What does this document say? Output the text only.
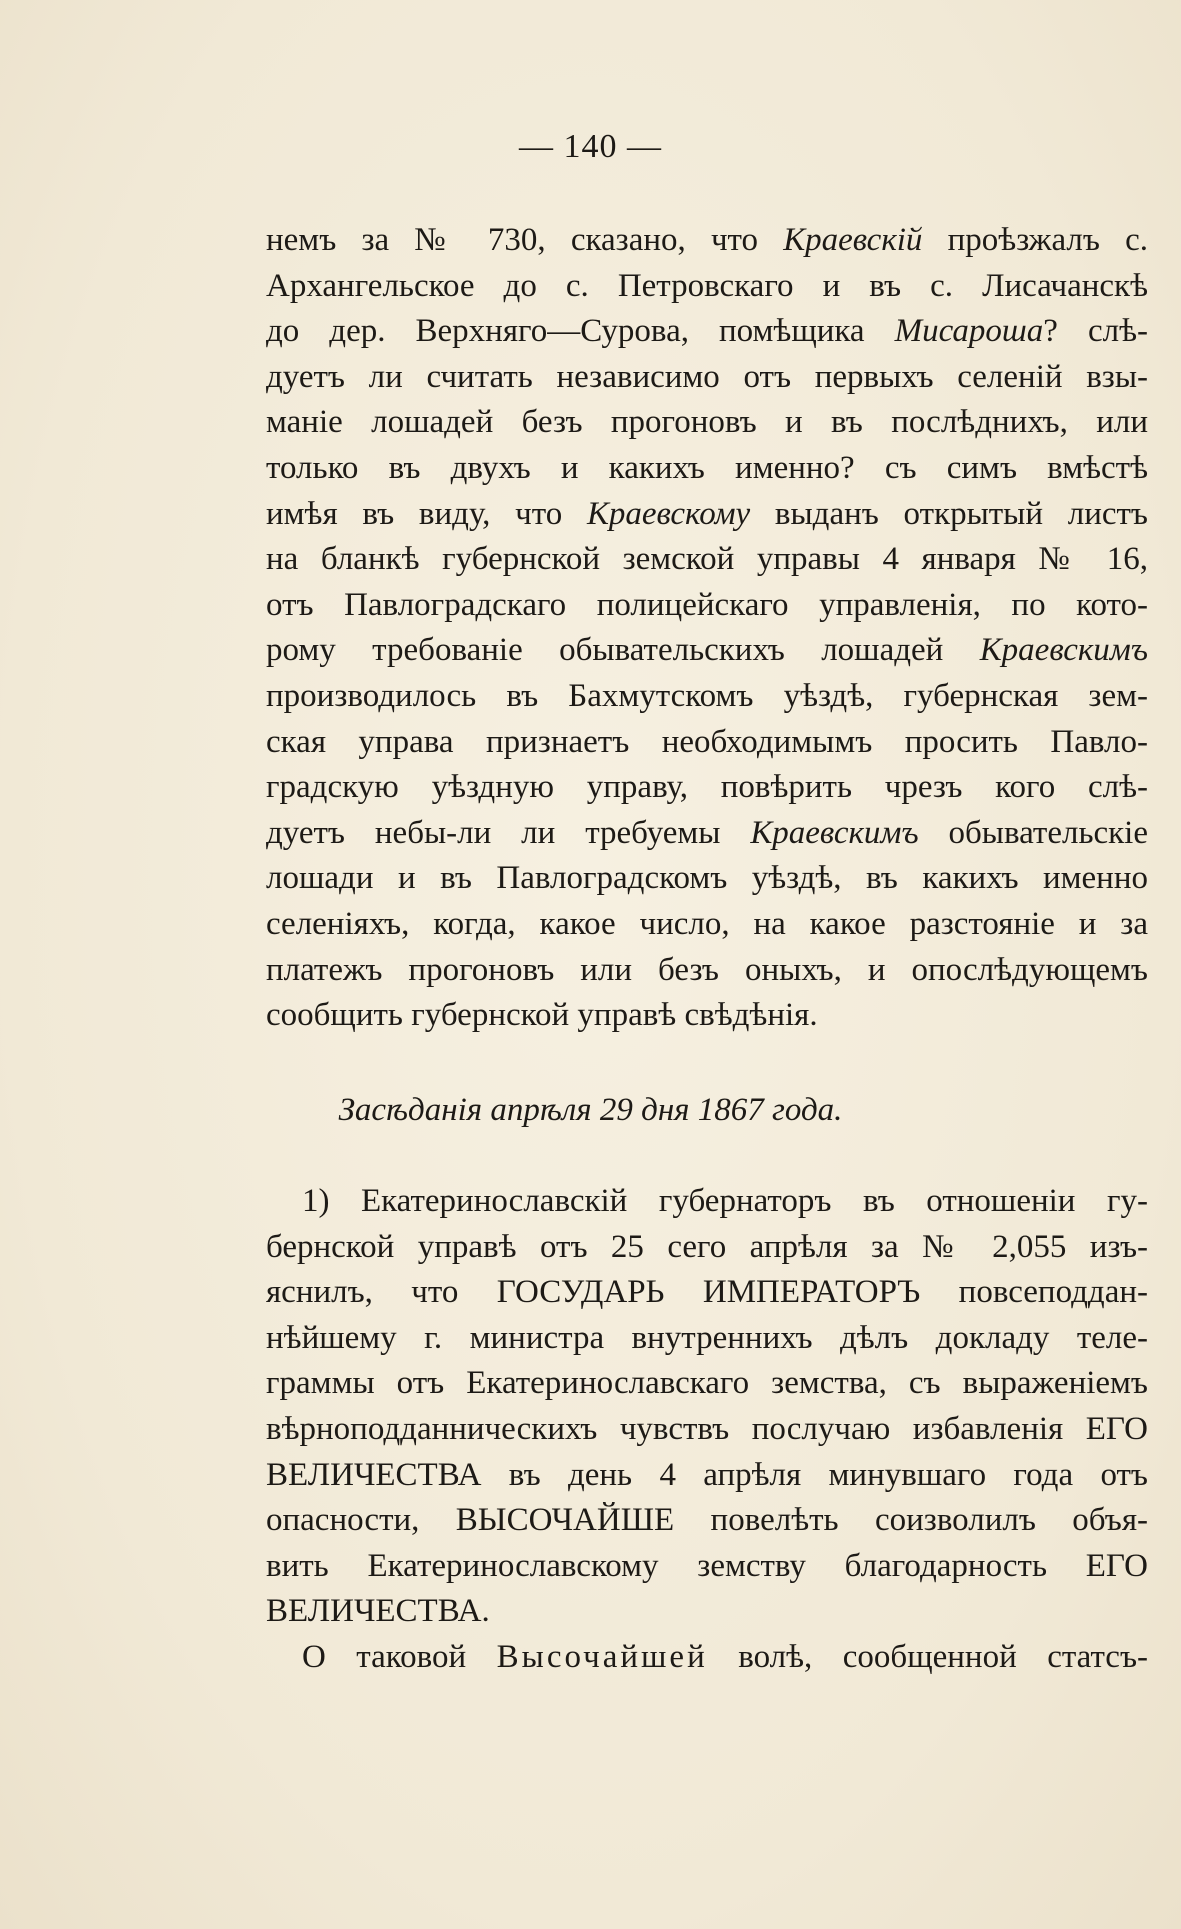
— 140 —
немъ за № 730, сказано, что Краевскій проѣзжалъ с.
Архангельское до с. Петровскаго и въ с. Лисачанскѣ
до дер. Верхняго—Сурова, помѣщика Мисароша? слѣ-
дуетъ ли считать независимо отъ первыхъ селеній взы-
маніе лошадей безъ прогоновъ и въ послѣднихъ, или
только въ двухъ и какихъ именно? съ симъ вмѣстѣ
имѣя въ виду, что Краевскому выданъ открытый листъ
на бланкѣ губернской земской управы 4 января № 16,
отъ Павлоградскаго полицейскаго управленія, по кото-
рому требованіе обывательскихъ лошадей Краевскимъ
производилось въ Бахмутскомъ уѣздѣ, губернская зем-
ская управа признаетъ необходимымъ просить Павло-
градскую уѣздную управу, повѣрить чрезъ кого слѣ-
дуетъ небы-ли ли требуемы Краевскимъ обывательскіе
лошади и въ Павлоградскомъ уѣздѣ, въ какихъ именно
селеніяхъ, когда, какое число, на какое разстояніе и за
платежъ прогоновъ или безъ оныхъ, и опослѣдующемъ
сообщить губернской управѣ свѣдѣнія.
Засѣданія апрѣля 29 дня 1867 года.
1) Екатеринославскій губернаторъ въ отношеніи гу-
бернской управѣ отъ 25 сего апрѣля за № 2,055 изъ-
яснилъ, что ГОСУДАРЬ ИМПЕРАТОРЪ повсеподдан-
нѣйшему г. министра внутреннихъ дѣлъ докладу теле-
граммы отъ Екатеринославскаго земства, съ выраженіемъ
вѣрноподданническихъ чувствъ послучаю избавленія ЕГО
ВЕЛИЧЕСТВА въ день 4 апрѣля минувшаго года отъ
опасности, ВЫСОЧАЙШЕ повелѣть соизволилъ объя-
вить Екатеринославскому земству благодарность ЕГО
ВЕЛИЧЕСТВА.
О таковой Высочайшей волѣ, сообщенной статсъ-
